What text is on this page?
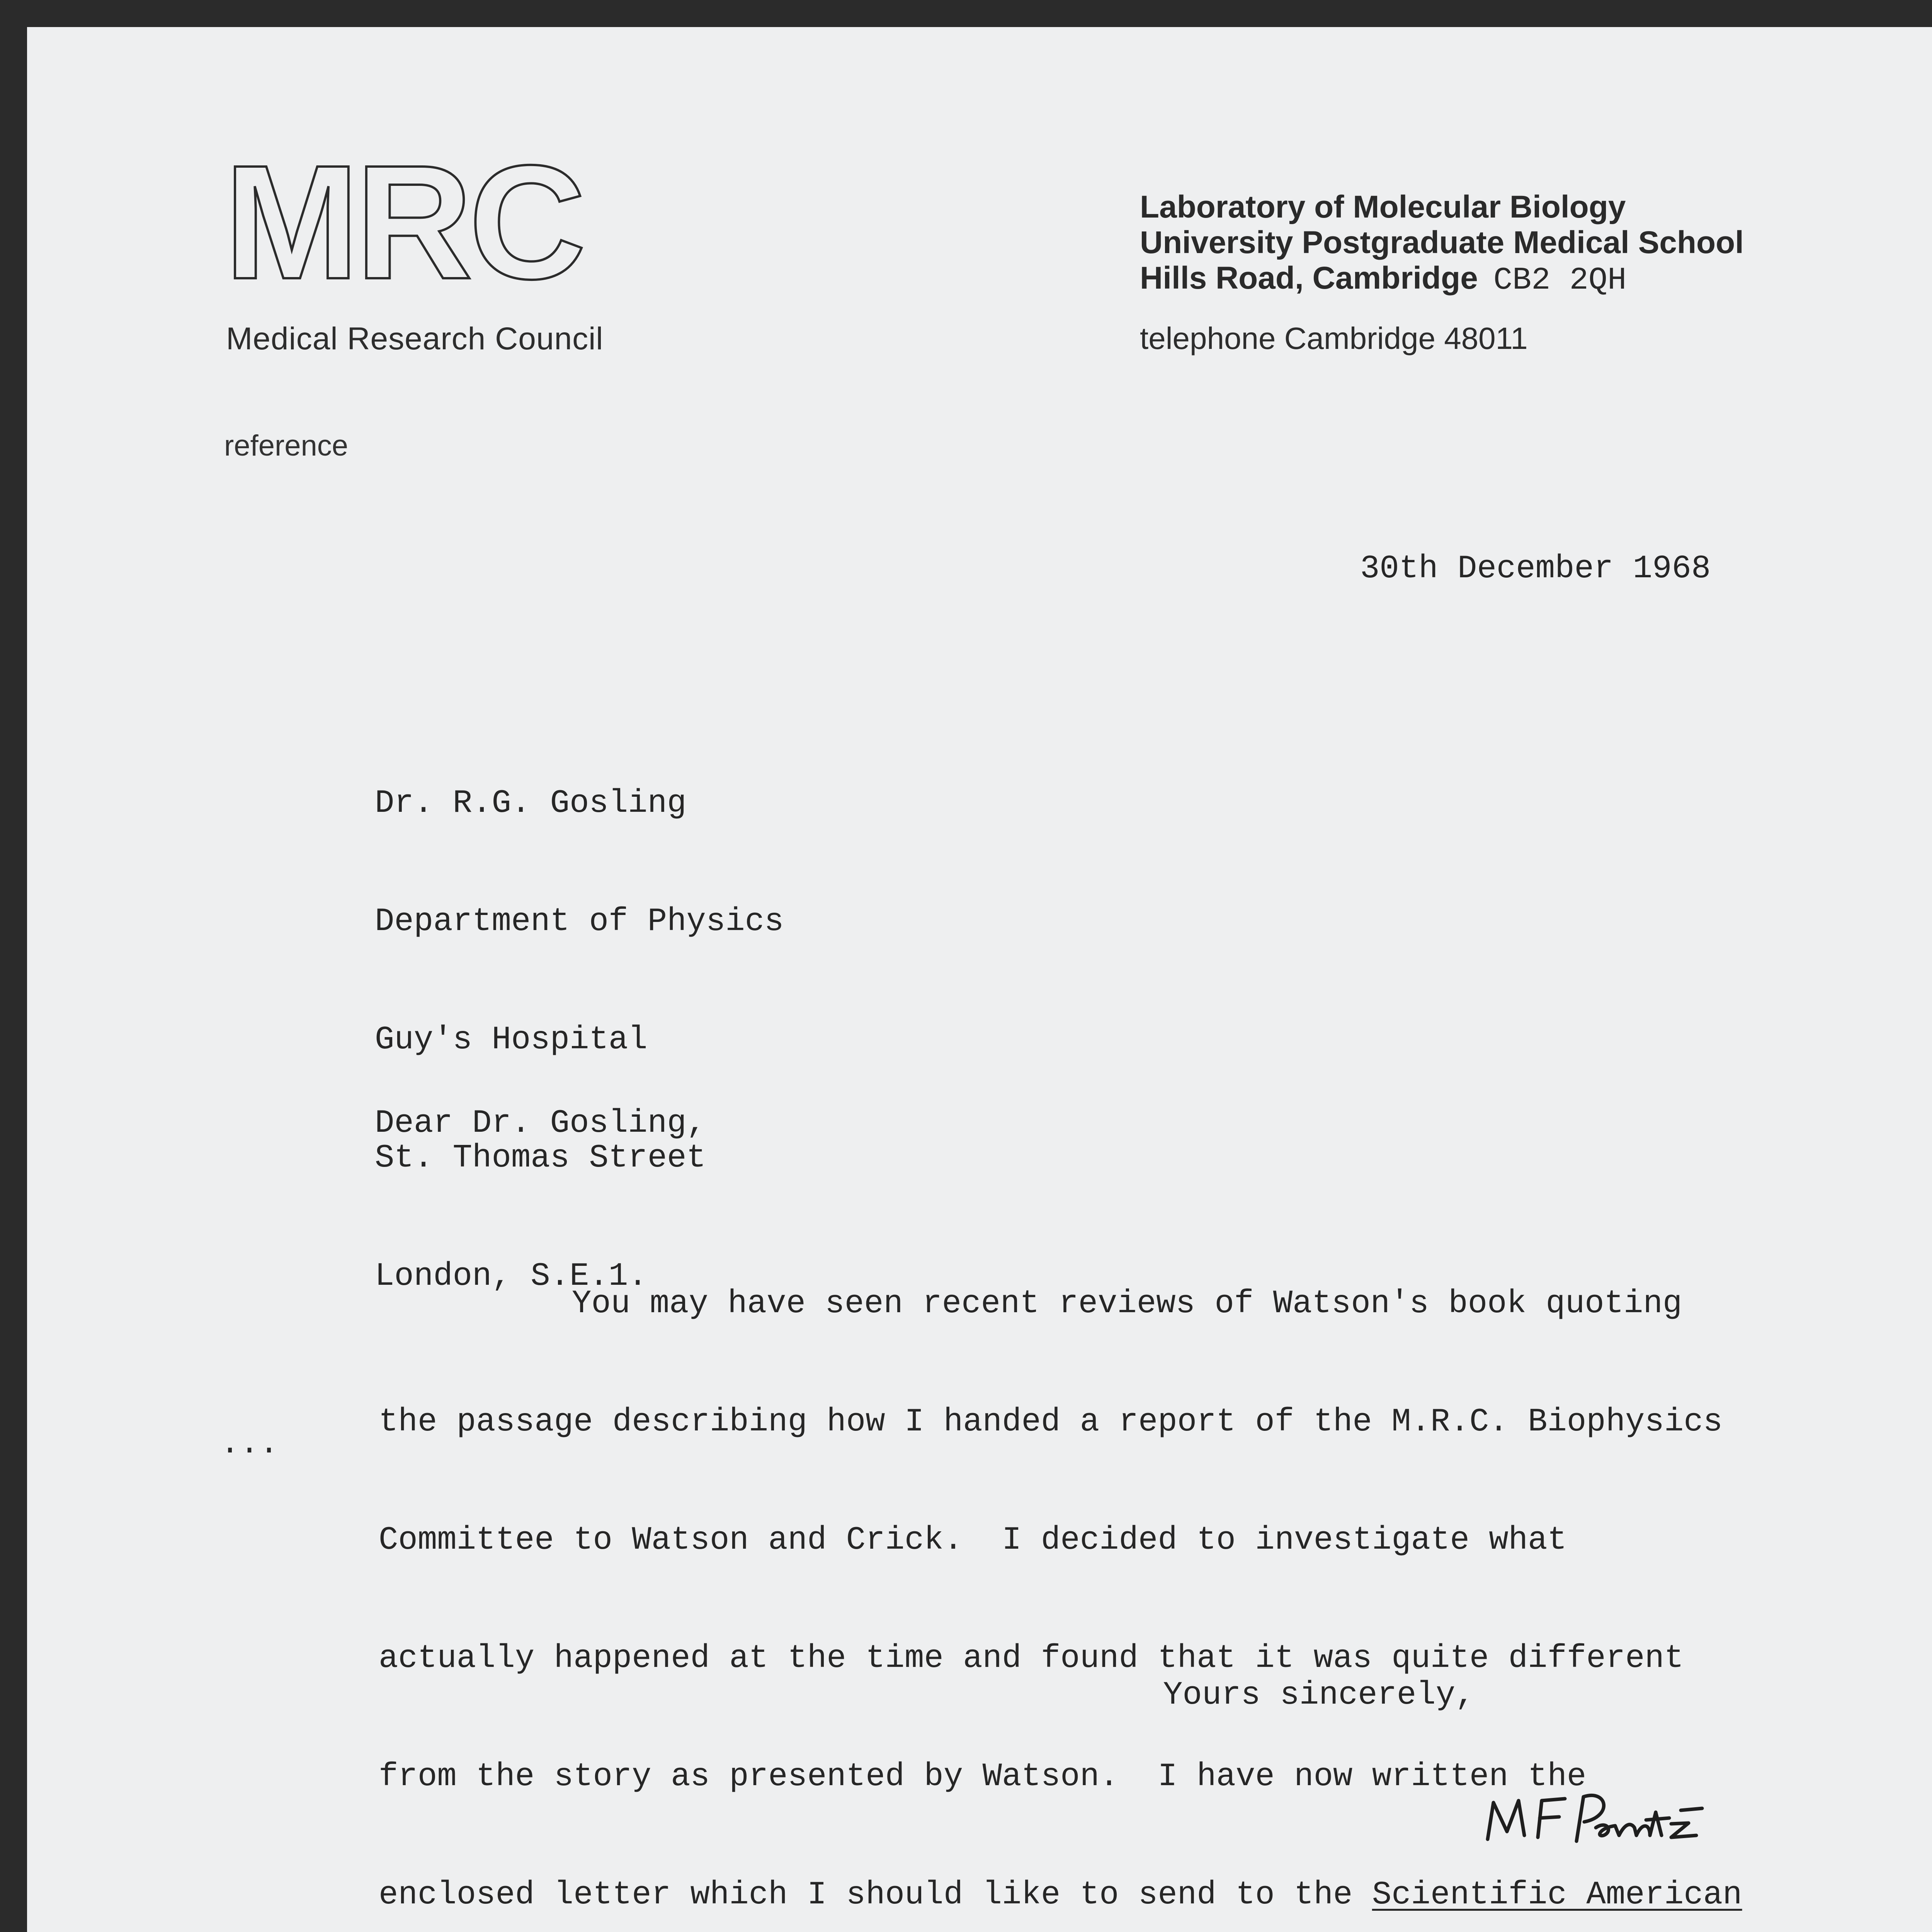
MRC
Medical Research Council
Laboratory of Molecular Biology
University Postgraduate Medical School
Hills Road, Cambridge CB2 2QH
telephone Cambridge 48011
reference
30th December 1968

Dr. R.G. Gosling

Department of Physics

Guy's Hospital

St. Thomas Street

London, S.E.1.

Dear Dr. Gosling,
...

You may have seen recent reviews of Watson's book quoting

the passage describing how I handed a report of the M.R.C. Biophysics

Committee to Watson and Crick.  I decided to investigate what

actually happened at the time and found that it was quite different

from the story as presented by Watson.  I have now written the

enclosed letter which I should like to send to the Scientific American

Yours sincerely,
